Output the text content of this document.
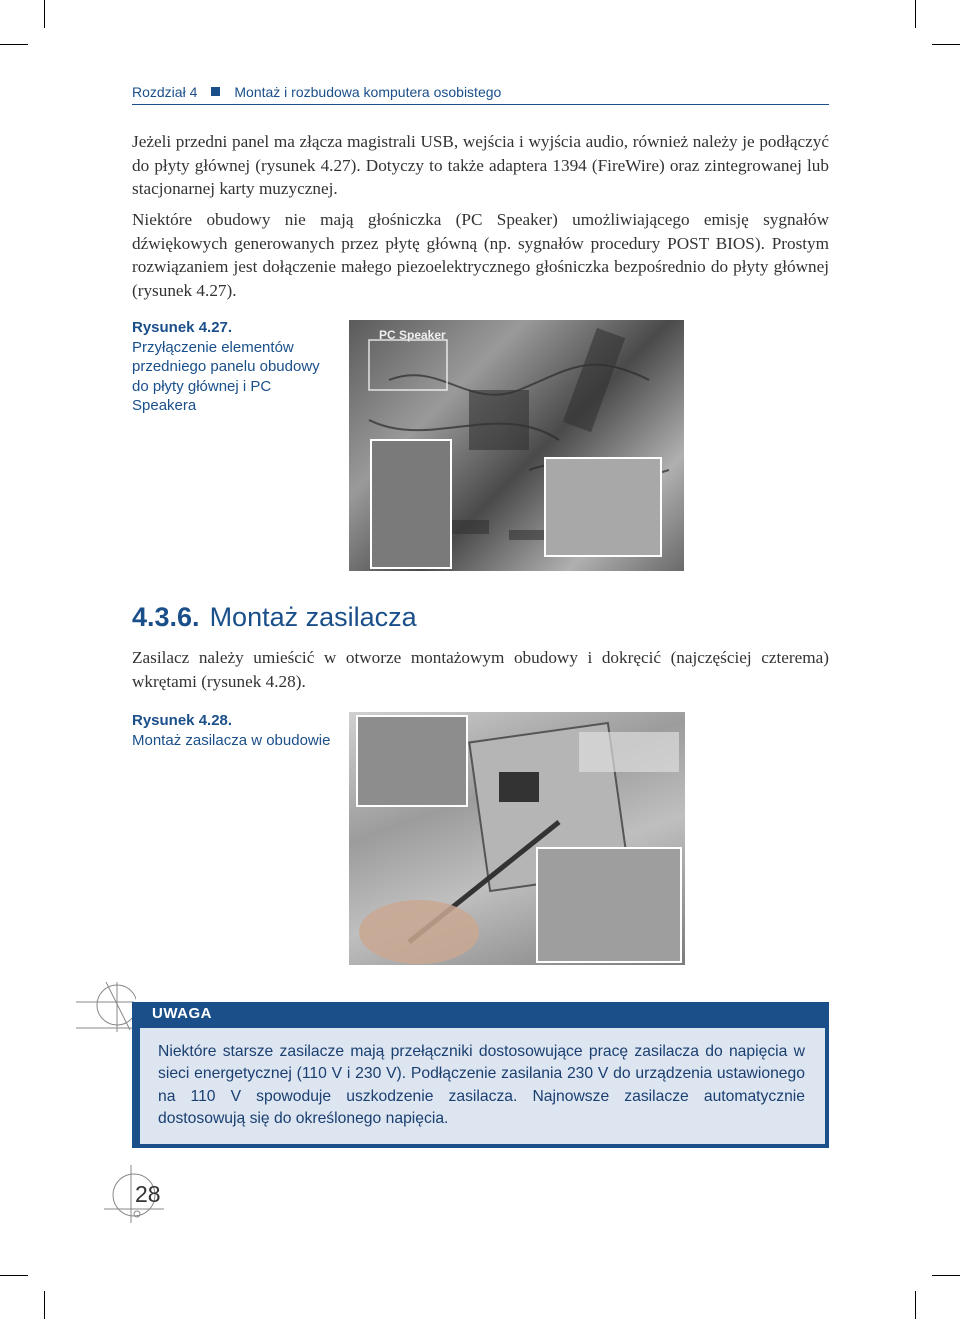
Rozdział 4	Montaż i rozbudowa komputera osobistego

Jeżeli przedni panel ma złącza magistrali USB, wejścia i wyjścia audio, również należy je podłączyć do płyty głównej (rysunek 4.27). Dotyczy to także adaptera 1394 (FireWire) oraz zintegrowanej lub stacjonarnej karty muzycznej.

Niektóre obudowy nie mają głośniczka (PC Speaker) umożliwiającego emisję sygnałów dźwiękowych generowanych przez płytę główną (np. sygnałów procedury POST BIOS). Prostym rozwiązaniem jest dołączenie małego piezoelektrycznego głośniczka bezpośrednio do płyty głównej (rysunek 4.27).

Rysunek 4.27.
Przyłączenie elementów przedniego panelu obudowy do płyty głównej i PC Speakera
PC Speaker
4.3.6. Montaż zasilacza

Zasilacz należy umieścić w otworze montażowym obudowy i dokręcić (najczęściej czterema) wkrętami (rysunek 4.28).

Rysunek 4.28.
Montaż zasilacza w obudowie
UWAGA

Niektóre starsze zasilacze mają przełączniki dostosowujące pracę zasilacza do napięcia w sieci energetycznej (110 V i 230 V). Podłączenie zasilania 230 V do urządzenia ustawionego na 110 V spowoduje uszkodzenie zasilacza. Najnowsze zasilacze automatycznie dostosowują się do określonego napięcia.

28
